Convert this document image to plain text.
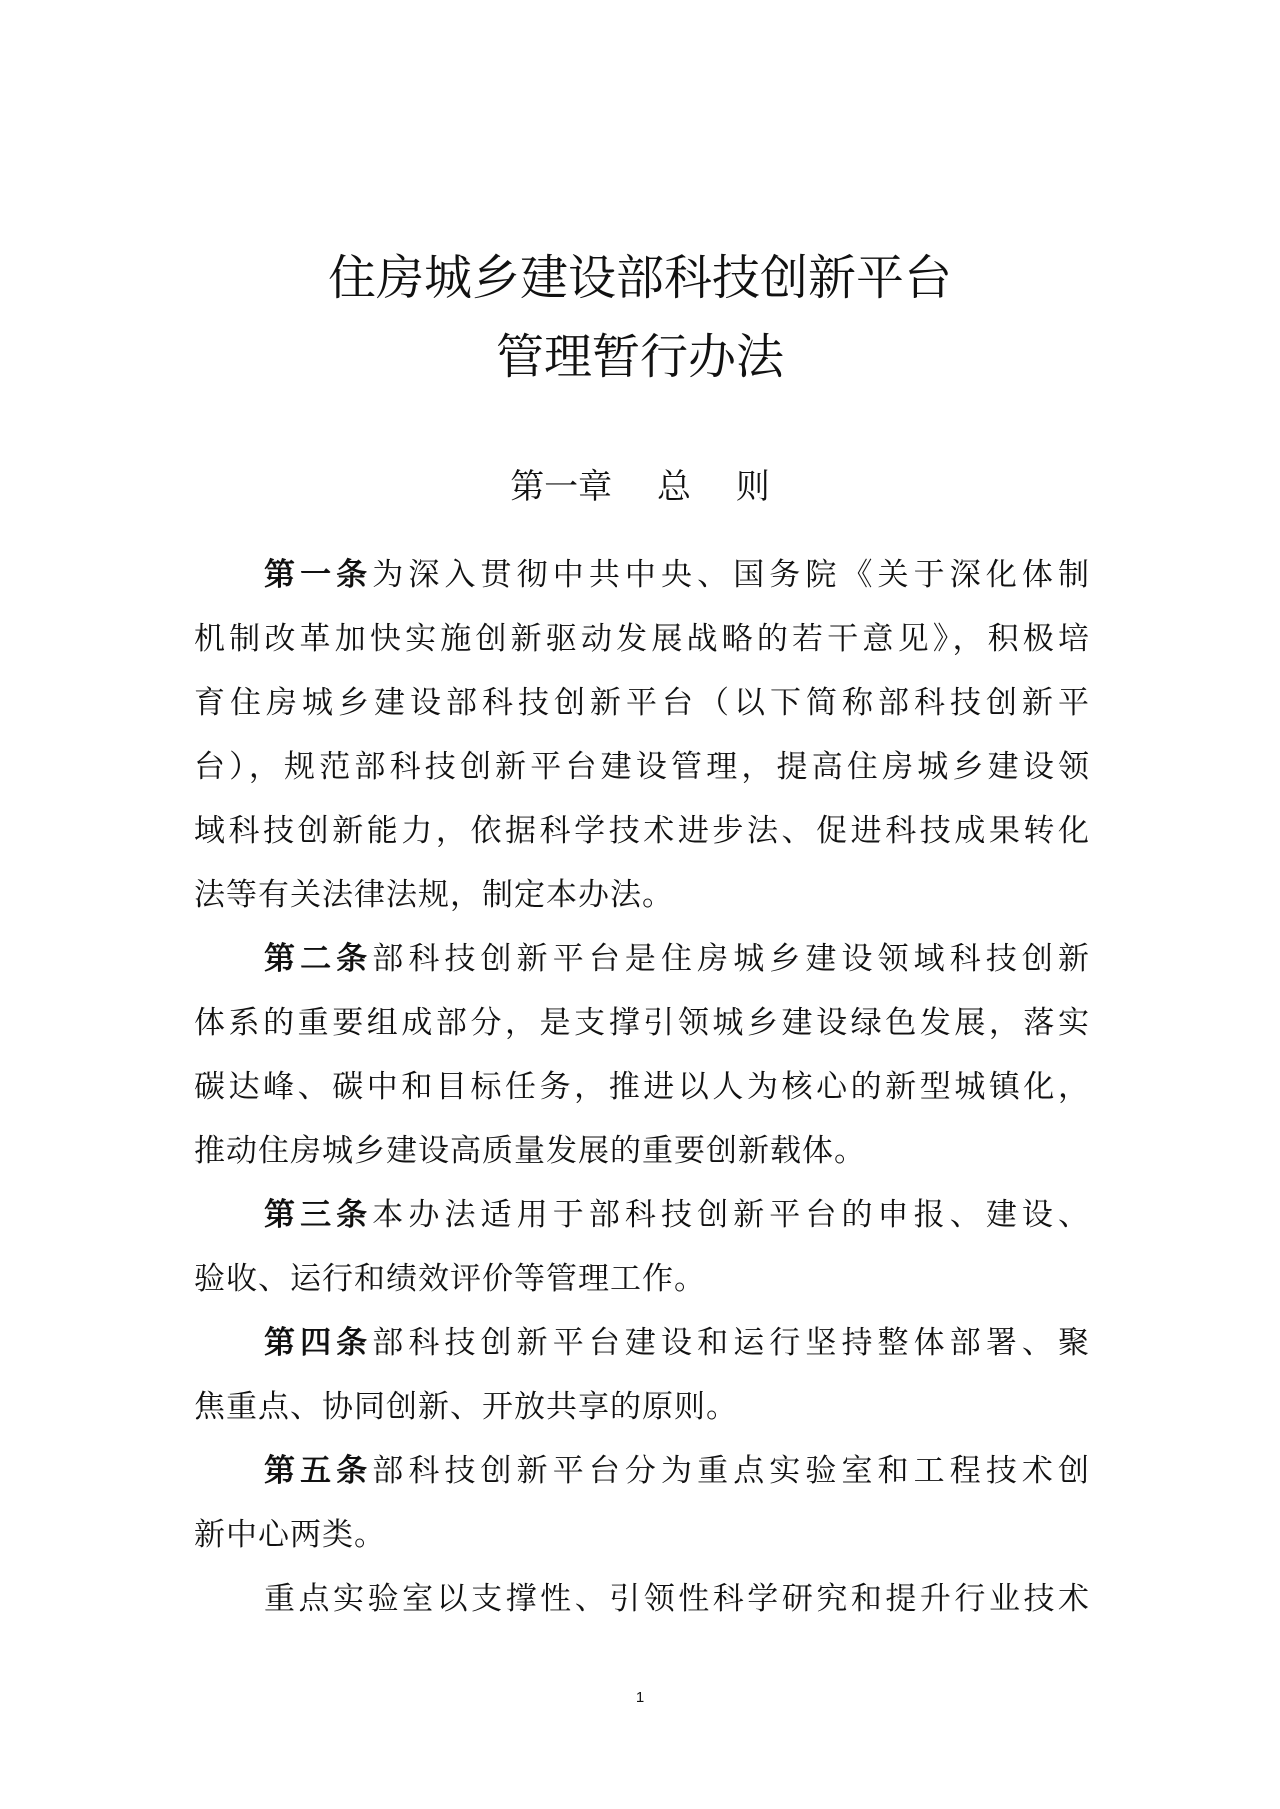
住房城乡建设部科技创新平台
管理暂行办法
第一章　 总　 则
第一条为深入贯彻中共中央、国务院《关于深化体制
机制改革加快实施创新驱动发展战略的若干意见》，积极培
育住房城乡建设部科技创新平台（以下简称部科技创新平
台），规范部科技创新平台建设管理，提高住房城乡建设领
域科技创新能力，依据科学技术进步法、促进科技成果转化
法等有关法律法规，制定本办法。
第二条部科技创新平台是住房城乡建设领域科技创新
体系的重要组成部分，是支撑引领城乡建设绿色发展，落实
碳达峰、碳中和目标任务，推进以人为核心的新型城镇化，
推动住房城乡建设高质量发展的重要创新载体。
第三条本办法适用于部科技创新平台的申报、建设、
验收、运行和绩效评价等管理工作。
第四条部科技创新平台建设和运行坚持整体部署、聚
焦重点、协同创新、开放共享的原则。
第五条部科技创新平台分为重点实验室和工程技术创
新中心两类。
重点实验室以支撑性、引领性科学研究和提升行业技术
1
